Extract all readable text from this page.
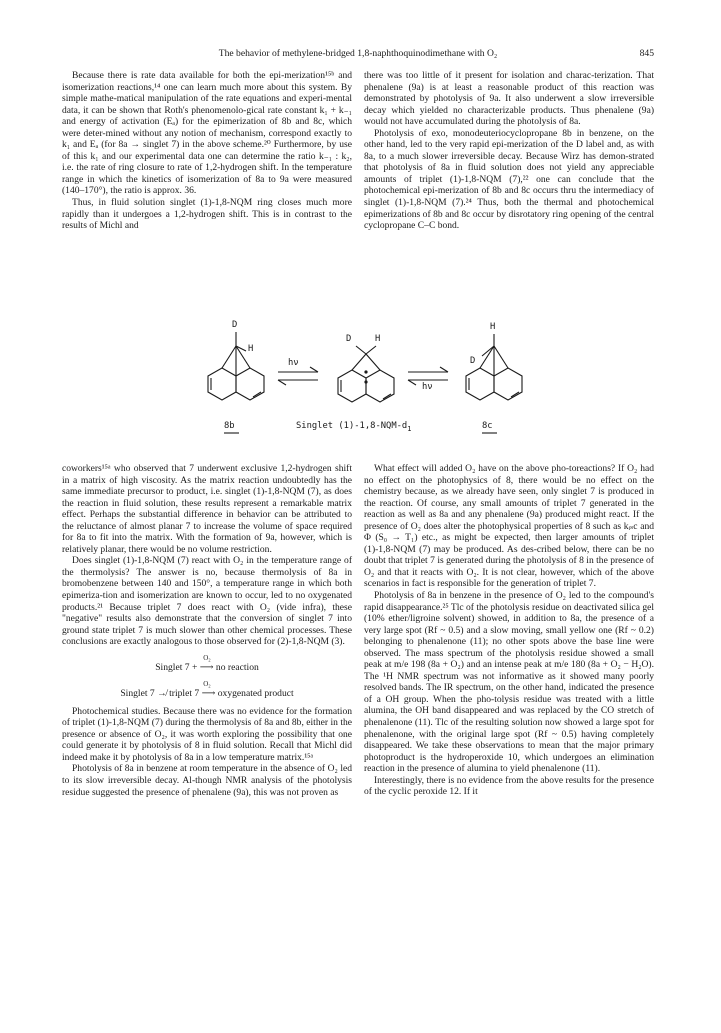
The behavior of methylene-bridged 1,8-naphthoquinodimethane with O₂	845

Because there is rate data available for both the epi-merization¹⁵ᵇ and isomerization reactions,¹⁴ one can learn much more about this system. By simple mathe-matical manipulation of the rate equations and experi-mental data, it can be shown that Roth's phenomenolo-gical rate constant k₁ + k₋₁ and energy of activation (Eₐ) for the epimerization of 8b and 8c, which were deter-mined without any notion of mechanism, correspond exactly to k₁ and Eₐ (for 8a → singlet 7) in the above scheme.²⁰ Furthermore, by use of this k₁ and our experimental data one can determine the ratio k₋₁ : k₂, i.e. the rate of ring closure to rate of 1,2-hydrogen shift. In the temperature range in which the kinetics of isomerization of 8a to 9a were measured (140–170°), the ratio is approx. 36.

Thus, in fluid solution singlet (1)-1,8-NQM ring closes much more rapidly than it undergoes a 1,2-hydrogen shift. This is in contrast to the results of Michl and

there was too little of it present for isolation and charac-terization. That phenalene (9a) is at least a reasonable product of this reaction was demonstrated by photolysis of 9a. It also underwent a slow irreversible decay which yielded no characterizable products. Thus phenalene (9a) would not have accumulated during the photolysis of 8a.

Photolysis of exo, monodeuteriocyclopropane 8b in benzene, on the other hand, led to the very rapid epi-merization of the D label and, as with 8a, to a much slower irreversible decay. Because Wirz has demon-strated that photolysis of 8a in fluid solution does not yield any appreciable amounts of triplet (1)-1,8-NQM (7),²² one can conclude that the photochemical epi-merization of 8b and 8c occurs thru the intermediacy of singlet (1)-1,8-NQM (7).²⁴ Thus, both the thermal and photochemical epimerizations of 8b and 8c occur by disrotatory ring opening of the central cyclopropane C–C bond.

D
H
D	H
H
D
hν
hν
8b	Singlet $(1)-1,8-NQM-d_1$	8c

coworkers¹⁵ᵃ who observed that 7 underwent exclusive 1,2-hydrogen shift in a matrix of high viscosity. As the matrix reaction undoubtedly has the same immediate precursor to product, i.e. singlet (1)-1,8-NQM (7), as does the reaction in fluid solution, these results represent a remarkable matrix effect. Perhaps the substantial difference in behavior can be attributed to the reluctance of almost planar 7 to increase the volume of space required for 8a to fit into the matrix. With the formation of 9a, however, which is relatively planar, there would be no volume restriction.

Does singlet (1)-1,8-NQM (7) react with O₂ in the temperature range of the thermolysis? The answer is no, because thermolysis of 8a in bromobenzene between 140 and 150°, a temperature range in which both epimeriza-tion and isomerization are known to occur, led to no oxygenated products.²¹ Because triplet 7 does react with O₂ (vide infra), these "negative" results also demonstrate that the conversion of singlet 7 into ground state triplet 7 is much slower than other chemical processes. These conclusions are exactly analogous to those observed for (2)-1,8-NQM (3).

O₂
Singlet 7 + ⟶ no reaction
O₂
Singlet 7 ↛ triplet 7 ⟶ oxygenated product

Photochemical studies. Because there was no evidence for the formation of triplet (1)-1,8-NQM (7) during the thermolysis of 8a and 8b, either in the presence or absence of O₂, it was worth exploring the possibility that one could generate it by photolysis of 8 in fluid solution. Recall that Michl did indeed make it by photolysis of 8a in a low temperature matrix.¹⁵ᵃ

Photolysis of 8a in benzene at room temperature in the absence of O₂ led to its slow irreversible decay. Al-though NMR analysis of the photolysis residue suggested the presence of phenalene (9a), this was not proven as

What effect will added O₂ have on the above pho-toreactions? If O₂ had no effect on the photophysics of 8, there would be no effect on the chemistry because, as we already have seen, only singlet 7 is produced in the reaction. Of course, any small amounts of triplet 7 generated in the reaction as well as 8a and any phenalene (9a) produced might react. If the presence of O₂ does alter the photophysical properties of 8 such as kᵢₛc and Φ (S₀ → T₁) etc., as might be expected, then larger amounts of triplet (1)-1,8-NQM (7) may be produced. As des-cribed below, there can be no doubt that triplet 7 is generated during the photolysis of 8 in the presence of O₂ and that it reacts with O₂. It is not clear, however, which of the above scenarios in fact is responsible for the generation of triplet 7.

Photolysis of 8a in benzene in the presence of O₂ led to the compound's rapid disappearance.²⁵ Tlc of the photolysis residue on deactivated silica gel (10% ether/ligroine solvent) showed, in addition to 8a, the presence of a very large spot (Rf ~ 0.5) and a slow moving, small yellow one (Rf ~ 0.2) belonging to phenalenone (11); no other spots above the base line were observed. The mass spectrum of the photolysis residue showed a small peak at m/e 198 (8a + O₂) and an intense peak at m/e 180 (8a + O₂ − H₂O). The ¹H NMR spectrum was not informative as it showed many poorly resolved bands. The IR spectrum, on the other hand, indicated the presence of a OH group. When the pho-tolysis residue was treated with a little alumina, the OH band disappeared and was replaced by the CO stretch of phenalenone (11). Tlc of the resulting solution now showed a large spot for phenalenone, with the original large spot (Rf ~ 0.5) having completely disappeared. We take these observations to mean that the major primary photoproduct is the hydroperoxide 10, which undergoes an elimination reaction in the presence of alumina to yield phenalenone (11).

Interestingly, there is no evidence from the above results for the presence of the cyclic peroxide 12. If it
